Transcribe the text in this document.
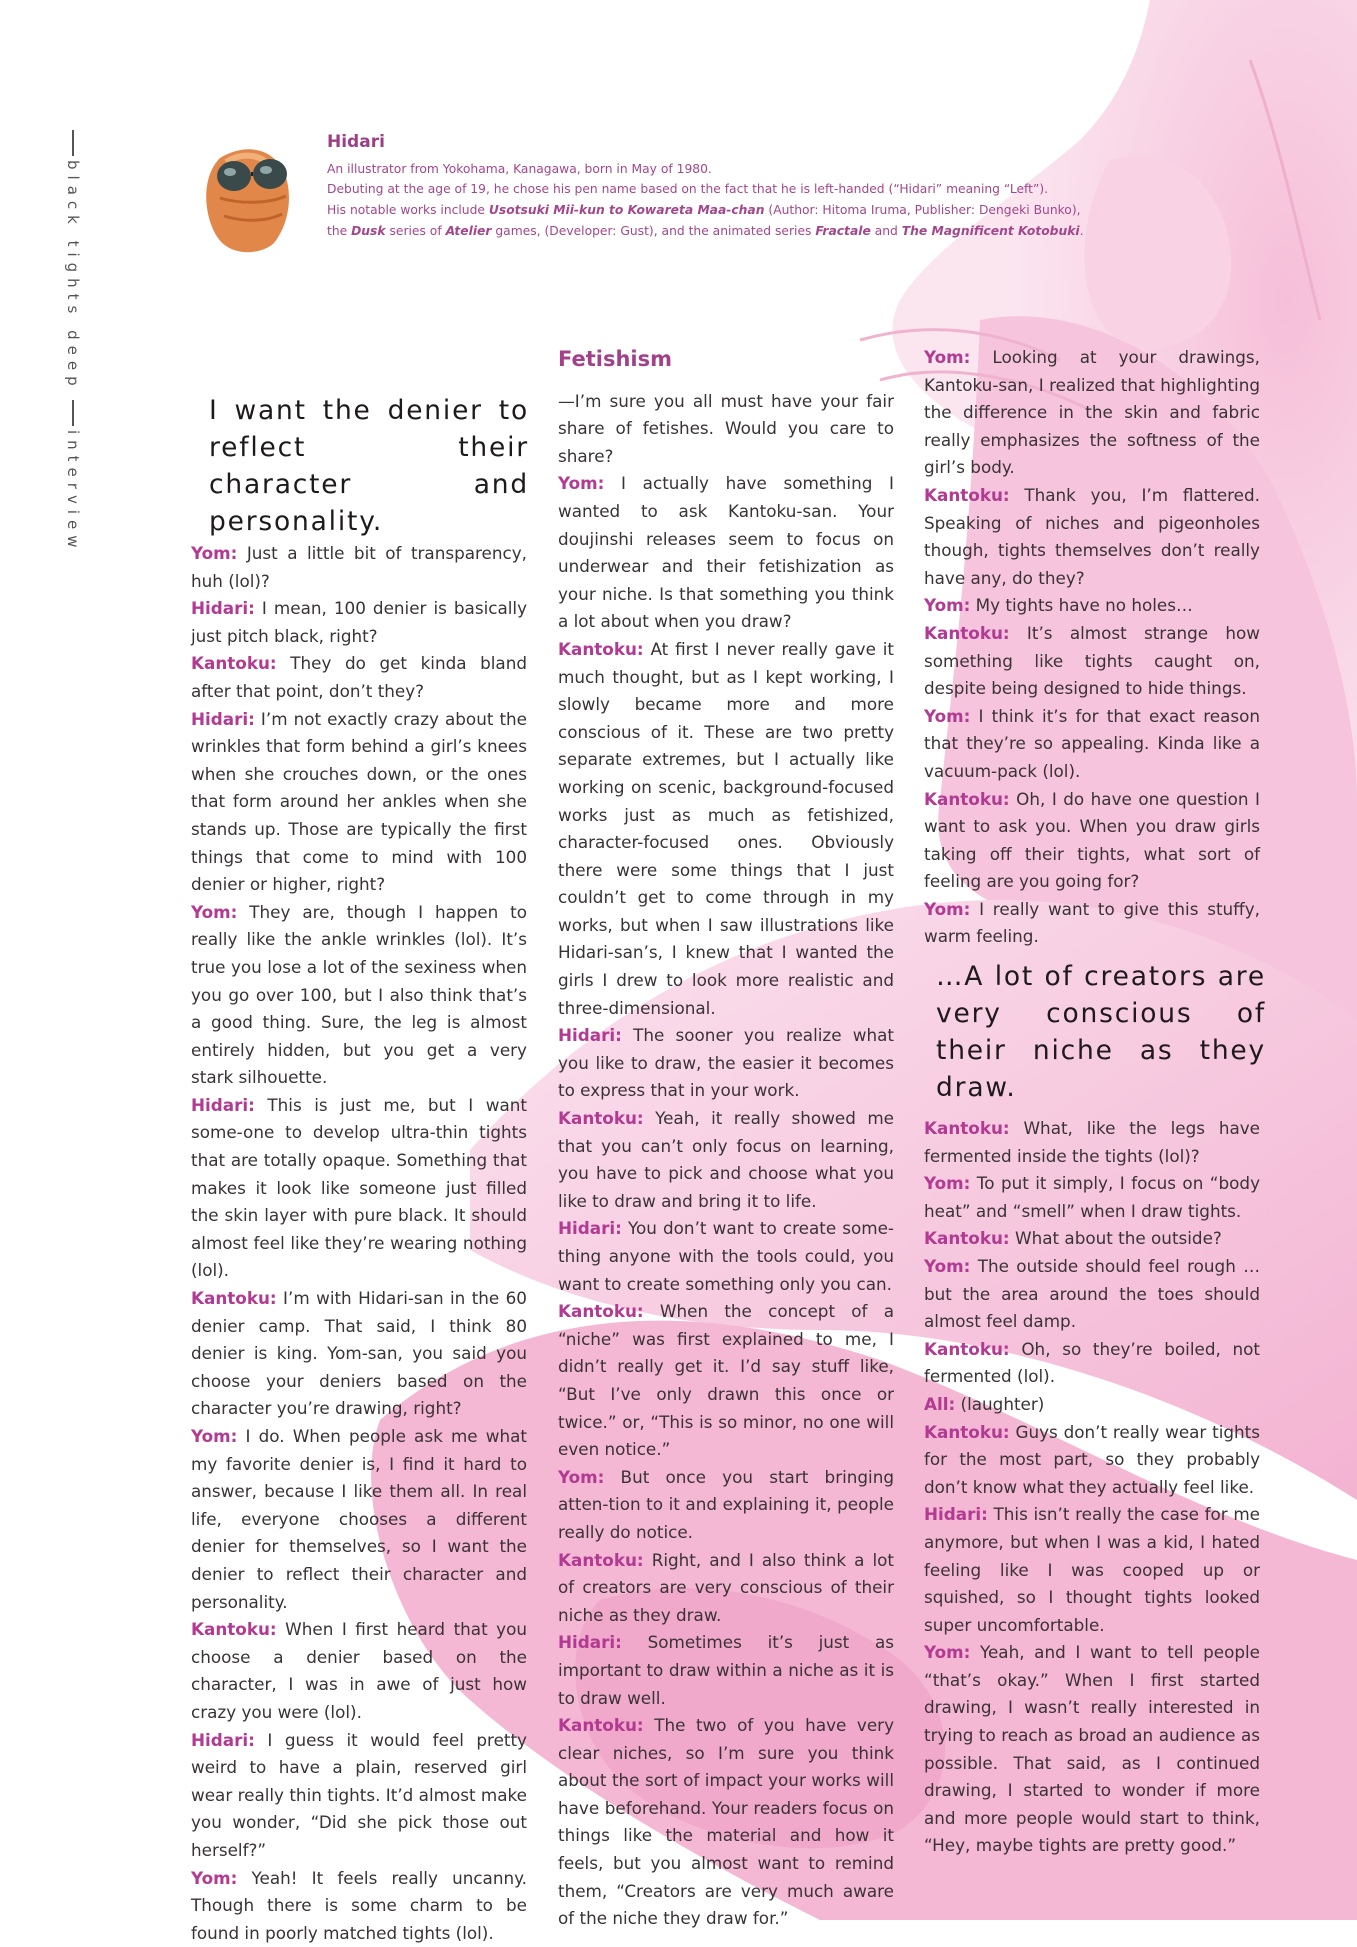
black tights deep
interview
Hidari
An illustrator from Yokohama, Kanagawa, born in May of 1980.
Debuting at the age of 19, he chose his pen name based on the fact that he is left-handed (“Hidari” meaning “Left”).
His notable works include Usotsuki Mii-kun to Kowareta Maa-chan (Author: Hitoma Iruma, Publisher: Dengeki Bunko),
the Dusk series of Atelier games, (Developer: Gust), and the animated series Fractale and The Magnificent Kotobuki.
I want the denier to reflect their character and personality.

Yom: Just a little bit of transparency, huh (lol)?

Hidari: I mean, 100 denier is basically just pitch black, right?

Kantoku: They do get kinda bland after that point, don’t they?

Hidari: I’m not exactly crazy about the wrinkles that form behind a girl’s knees when she crouches down, or the ones that form around her ankles when she stands up. Those are typically the first things that come to mind with 100 denier or higher, right?

Yom: They are, though I happen to really like the ankle wrinkles (lol). It’s true you lose a lot of the sexiness when you go over 100, but I also think that’s a good thing. Sure, the leg is almost entirely hidden, but you get a very stark silhouette.

Hidari: This is just me, but I want some-one to develop ultra-thin tights that are totally opaque. Something that makes it look like someone just filled the skin layer with pure black. It should almost feel like they’re wearing nothing (lol).

Kantoku: I’m with Hidari-san in the 60 denier camp. That said, I think 80 denier is king. Yom-san, you said you choose your deniers based on the character you’re drawing, right?

Yom: I do. When people ask me what my favorite denier is, I find it hard to answer, because I like them all. In real life, everyone chooses a different denier for themselves, so I want the denier to reflect their character and personality.

Kantoku: When I first heard that you choose a denier based on the character, I was in awe of just how crazy you were (lol).

Hidari: I guess it would feel pretty weird to have a plain, reserved girl wear really thin tights. It’d almost make you wonder, “Did she pick those out herself?”

Yom: Yeah! It feels really uncanny. Though there is some charm to be found in poorly matched tights (lol).

Fetishism

—I’m sure you all must have your fair share of fetishes. Would you care to share?

Yom: I actually have something I wanted to ask Kantoku-san. Your doujinshi releases seem to focus on underwear and their fetishization as your niche. Is that something you think a lot about when you draw?

Kantoku: At first I never really gave it much thought, but as I kept working, I slowly became more and more conscious of it. These are two pretty separate extremes, but I actually like working on scenic, background-focused works just as much as fetishized, character-focused ones. Obviously there were some things that I just couldn’t get to come through in my works, but when I saw illustrations like Hidari-san’s, I knew that I wanted the girls I drew to look more realistic and three-dimensional.

Hidari: The sooner you realize what you like to draw, the easier it becomes to express that in your work.

Kantoku: Yeah, it really showed me that you can’t only focus on learning, you have to pick and choose what you like to draw and bring it to life.

Hidari: You don’t want to create some-thing anyone with the tools could, you want to create something only you can.

Kantoku: When the concept of a “niche” was first explained to me, I didn’t really get it. I’d say stuff like, “But I’ve only drawn this once or twice.” or, “This is so minor, no one will even notice.”

Yom: But once you start bringing atten-tion to it and explaining it, people really do notice.

Kantoku: Right, and I also think a lot of creators are very conscious of their niche as they draw.

Hidari: Sometimes it’s just as important to draw within a niche as it is to draw well.

Kantoku: The two of you have very clear niches, so I’m sure you think about the sort of impact your works will have beforehand. Your readers focus on things like the material and how it feels, but you almost want to remind them, “Creators are very much aware of the niche they draw for.”

Yom: Looking at your drawings, Kantoku-san, I realized that highlighting the difference in the skin and fabric really emphasizes the softness of the girl’s body.

Kantoku: Thank you, I’m flattered. Speaking of niches and pigeonholes though, tights themselves don’t really have any, do they?

Yom: My tights have no holes…

Kantoku: It’s almost strange how something like tights caught on, despite being designed to hide things.

Yom: I think it’s for that exact reason that they’re so appealing. Kinda like a vacuum-pack (lol).

Kantoku: Oh, I do have one question I want to ask you. When you draw girls taking off their tights, what sort of feeling are you going for?

Yom: I really want to give this stuffy, warm feeling.

…A lot of creators are very conscious of their niche as they draw.

Kantoku: What, like the legs have fermented inside the tights (lol)?

Yom: To put it simply, I focus on “body heat” and “smell” when I draw tights.

Kantoku: What about the outside?

Yom: The outside should feel rough … but the area around the toes should almost feel damp.

Kantoku: Oh, so they’re boiled, not fermented (lol).

All: (laughter)

Kantoku: Guys don’t really wear tights for the most part, so they probably don’t know what they actually feel like.

Hidari: This isn’t really the case for me anymore, but when I was a kid, I hated feeling like I was cooped up or squished, so I thought tights looked super uncomfortable.

Yom: Yeah, and I want to tell people “that’s okay.” When I first started drawing, I wasn’t really interested in trying to reach as broad an audience as possible. That said, as I continued drawing, I started to wonder if more and more people would start to think, “Hey, maybe tights are pretty good.”
